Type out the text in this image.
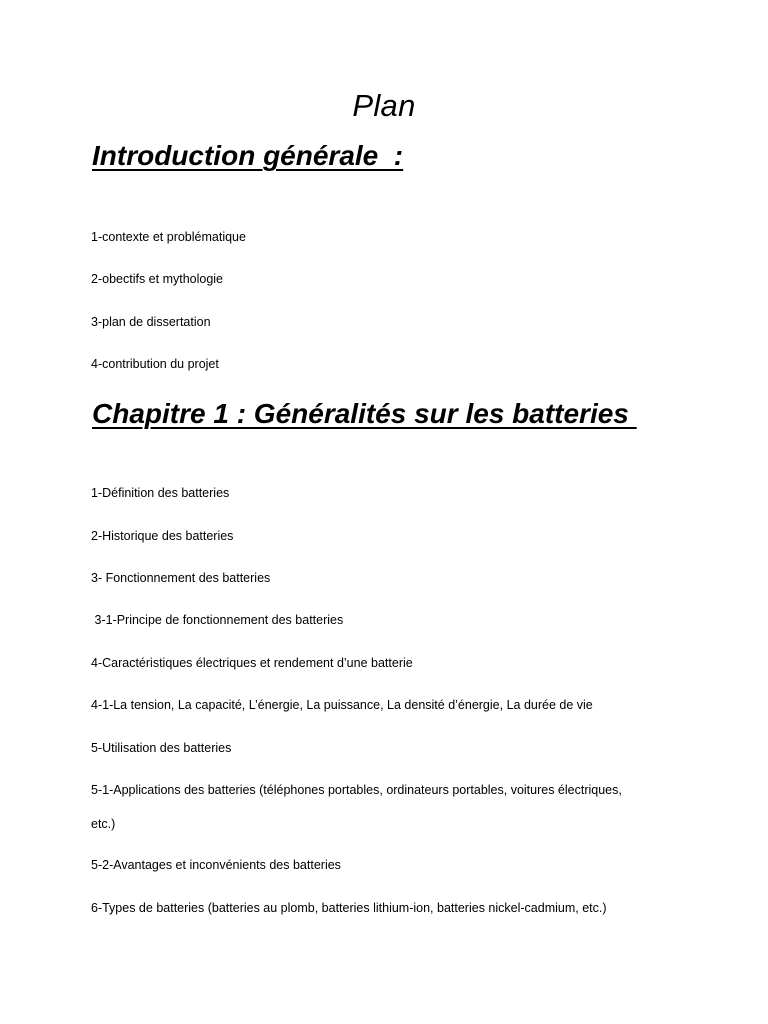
Plan
Introduction générale  :

1-contexte et problématique

2-obectifs et mythologie

3-plan de dissertation

4-contribution du projet

Chapitre 1 : Généralités sur les batteries

1-Définition des batteries

2-Historique des batteries

3- Fonctionnement des batteries

3-1-Principe de fonctionnement des batteries

4-Caractéristiques électriques et rendement d’une batterie

4-1-La tension, La capacité, L’énergie, La puissance, La densité d’énergie, La durée de vie

5-Utilisation des batteries

5-1-Applications des batteries (téléphones portables, ordinateurs portables, voitures électriques,

etc.)

5-2-Avantages et inconvénients des batteries

6-Types de batteries (batteries au plomb, batteries lithium-ion, batteries nickel-cadmium, etc.)
